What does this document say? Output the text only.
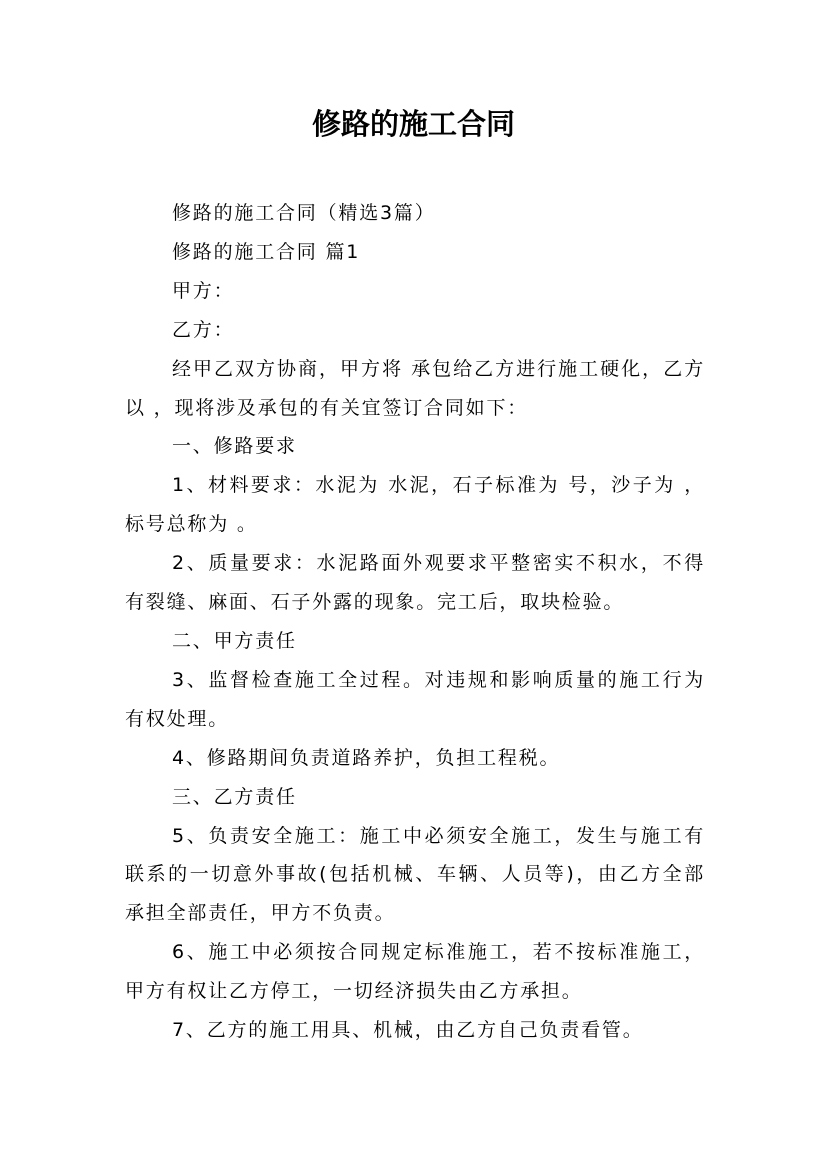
修路的施工合同

修路的施工合同（精选3篇）

修路的施工合同 篇1

甲方：

乙方：

经甲乙双方协商，甲方将 承包给乙方进行施工硬化，乙方以 ，现将涉及承包的有关宜签订合同如下：

一、修路要求

1、材料要求：水泥为 水泥，石子标准为 号，沙子为 ，标号总称为 。

2、质量要求：水泥路面外观要求平整密实不积水，不得有裂缝、麻面、石子外露的现象。完工后，取块检验。

二、甲方责任

3、监督检查施工全过程。对违规和影响质量的施工行为有权处理。

4、修路期间负责道路养护，负担工程税。

三、乙方责任

5、负责安全施工：施工中必须安全施工，发生与施工有联系的一切意外事故(包括机械、车辆、人员等)，由乙方全部承担全部责任，甲方不负责。

6、施工中必须按合同规定标准施工，若不按标准施工，甲方有权让乙方停工，一切经济损失由乙方承担。

7、乙方的施工用具、机械，由乙方自己负责看管。
